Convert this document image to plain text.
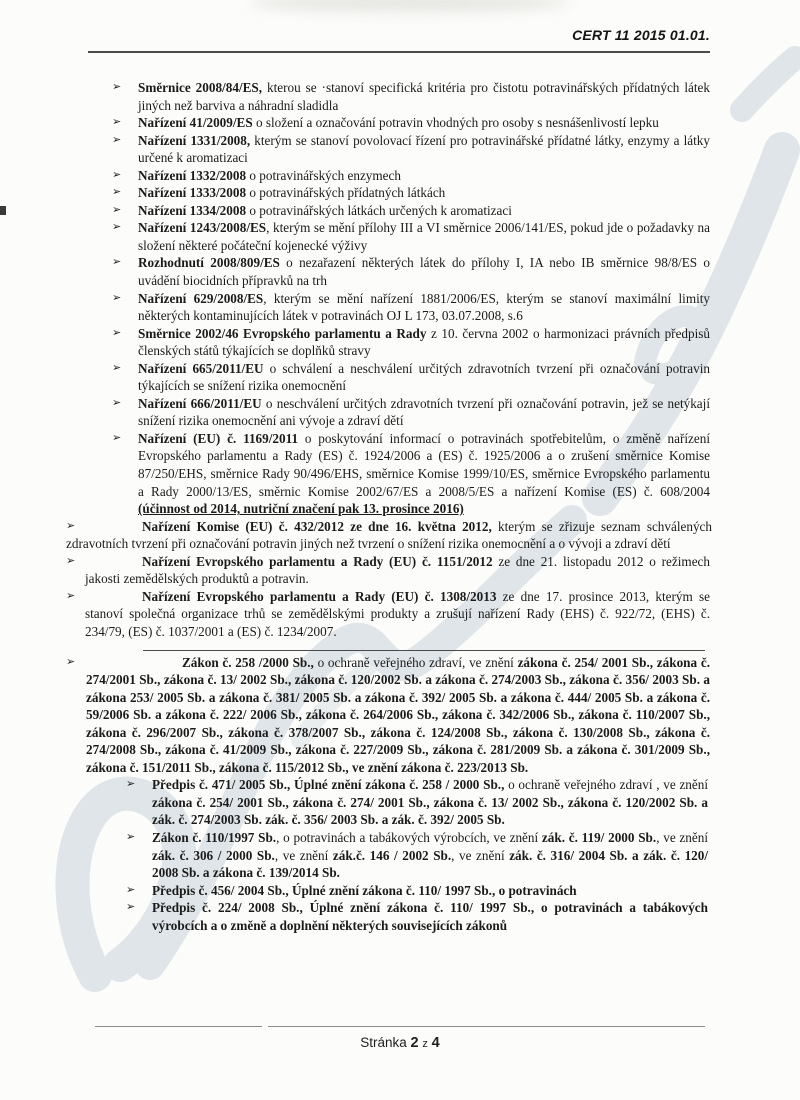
CERT 11 2015 01.01.
➢ Směrnice 2008/84/ES, kterou se ·stanoví specifická kritéria pro čistotu potravinářských přídatných látek jiných než barviva a náhradní sladidla
➢ Nařízení 41/2009/ES o složení a označování potravin vhodných pro osoby s nesnášenlivostí lepku
➢ Nařízení 1331/2008, kterým se stanoví povolovací řízení pro potravinářské přídatné látky, enzymy a látky určené k aromatizaci
➢ Nařízení 1332/2008 o potravinářských enzymech
➢ Nařízení 1333/2008 o potravinářských přídatných látkách
➢ Nařízení 1334/2008 o potravinářských látkách určených k aromatizaci
➢ Nařízení 1243/2008/ES, kterým se mění přílohy III a VI směrnice 2006/141/ES, pokud jde o požadavky na složení některé počáteční kojenecké výživy
➢ Rozhodnutí 2008/809/ES o nezařazení některých látek do přílohy I, IA nebo IB směrnice 98/8/ES o uvádění biocidních přípravků na trh
➢ Nařízení 629/2008/ES, kterým se mění nařízení 1881/2006/ES, kterým se stanoví maximální limity některých kontaminujících látek v potravinách OJ L 173, 03.07.2008, s.6
➢ Směrnice 2002/46 Evropského parlamentu a Rady z 10. června 2002 o harmonizaci právních předpisů členských států týkajících se doplňků stravy
➢ Nařízení 665/2011/EU o schválení a neschválení určitých zdravotních tvrzení při označování potravin týkajících se snížení rizika onemocnění
➢ Nařízení 666/2011/EU o neschválení určitých zdravotních tvrzení při označování potravin, jež se netýkají snížení rizika onemocnění ani vývoje a zdraví dětí
➢ Nařízení (EU) č. 1169/2011 o poskytování informací o potravinách spotřebitelům, o změně nařízení Evropského parlamentu a Rady (ES) č. 1924/2006 a (ES) č. 1925/2006 a o zrušení směrnice Komise 87/250/EHS, směrnice Rady 90/496/EHS, směrnice Komise 1999/10/ES, směrnice Evropského parlamentu a Rady 2000/13/ES, směrnic Komise 2002/67/ES a 2008/5/ES a nařízení Komise (ES) č. 608/2004 (účinnost od 2014, nutriční značení pak 13. prosince 2016)
➢	Nařízení Komise (EU) č. 432/2012 ze dne 16. května 2012, kterým se zřizuje seznam schválených zdravotních tvrzení při označování potravin jiných než tvrzení o snížení rizika onemocnění a o vývoji a zdraví dětí
➢	Nařízení Evropského parlamentu a Rady (EU) č. 1151/2012 ze dne 21. listopadu 2012 o režimech jakosti zemědělských produktů a potravin.
➢	Nařízení Evropského parlamentu a Rady (EU) č. 1308/2013 ze dne 17. prosince 2013, kterým se stanoví společná organizace trhů se zemědělskými produkty a zrušují nařízení Rady (EHS) č. 922/72, (EHS) č. 234/79, (ES) č. 1037/2001 a (ES) č. 1234/2007.
➢	Zákon č. 258 /2000 Sb., o ochraně veřejného zdraví, ve znění zákona č. 254/ 2001 Sb., zákona č. 274/2001 Sb., zákona č. 13/ 2002 Sb., zákona č. 120/2002 Sb. a zákona č. 274/2003 Sb., zákona č. 356/ 2003 Sb. a zákona 253/ 2005 Sb. a zákona č. 381/ 2005 Sb. a zákona č. 392/ 2005 Sb. a zákona č. 444/ 2005 Sb. a zákona č. 59/2006 Sb. a zákona č. 222/ 2006 Sb., zákona č. 264/2006 Sb., zákona č. 342/2006 Sb., zákona č. 110/2007 Sb., zákona č. 296/2007 Sb., zákona č. 378/2007 Sb., zákona č. 124/2008 Sb., zákona č. 130/2008 Sb., zákona č. 274/2008 Sb., zákona č. 41/2009 Sb., zákona č. 227/2009 Sb., zákona č. 281/2009 Sb. a zákona č. 301/2009 Sb., zákona č. 151/2011 Sb., zákona č. 115/2012 Sb., ve znění zákona č. 223/2013 Sb.
➢ Předpis č. 471/ 2005 Sb., Úplné znění zákona č. 258 / 2000 Sb., o ochraně veřejného zdraví , ve znění zákona č. 254/ 2001 Sb., zákona č. 274/ 2001 Sb., zákona č. 13/ 2002 Sb., zákona č. 120/2002 Sb. a zák. č. 274/2003 Sb. zák. č. 356/ 2003 Sb. a zák. č. 392/ 2005 Sb.
➢ Zákon č. 110/1997 Sb., o potravinách a tabákových výrobcích, ve znění zák. č. 119/ 2000 Sb., ve znění zák. č. 306 / 2000 Sb., ve znění zák.č. 146 / 2002 Sb., ve znění zák. č. 316/ 2004 Sb. a zák. č. 120/ 2008 Sb. a zákona č. 139/2014 Sb.
➢ Předpis č. 456/ 2004 Sb., Úplné znění zákona č. 110/ 1997 Sb., o potravinách
➢ Předpis č. 224/ 2008 Sb., Úplné znění zákona č. 110/ 1997 Sb., o potravinách a tabákových výrobcích a o změně a doplnění některých souvisejících zákonů
Stránka 2 z 4
